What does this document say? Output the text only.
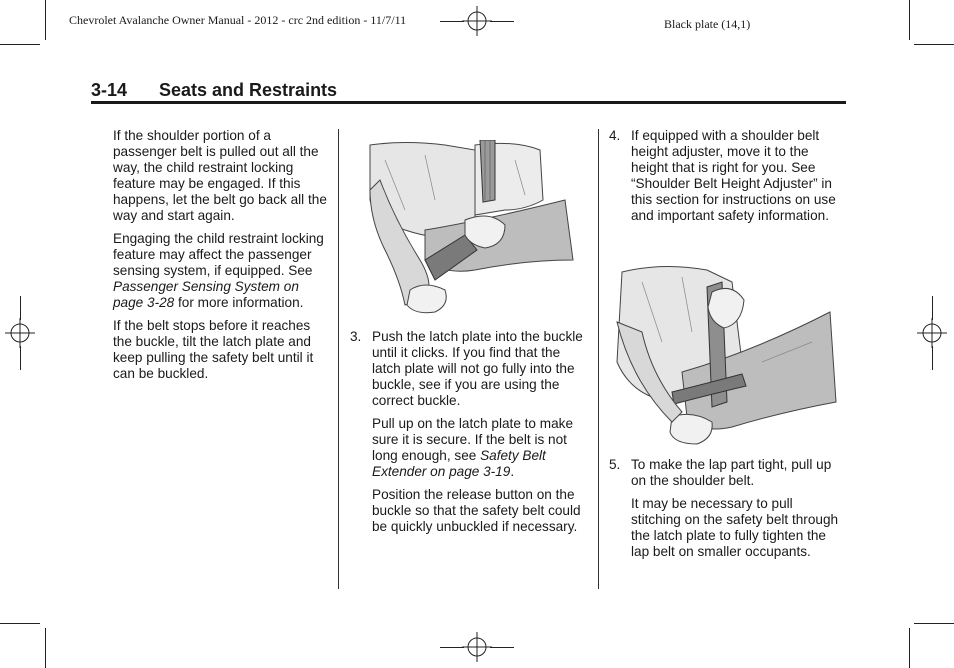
Chevrolet Avalanche Owner Manual - 2012 - crc 2nd edition - 11/7/11	Black plate (14,1)
3-14 Seats and Restraints

If the shoulder portion of a passenger belt is pulled out all the way, the child restraint locking feature may be engaged. If this happens, let the belt go back all the way and start again.

Engaging the child restraint locking feature may affect the passenger sensing system, if equipped. See Passenger Sensing System on page 3-28 for more information.

If the belt stops before it reaches the buckle, tilt the latch plate and keep pulling the safety belt until it can be buckled.

3. Push the latch plate into the buckle until it clicks. If you find that the latch plate will not go fully into the buckle, see if you are using the correct buckle.

Pull up on the latch plate to make sure it is secure. If the belt is not long enough, see Safety Belt Extender on page 3-19.

Position the release button on the buckle so that the safety belt could be quickly unbuckled if necessary.

4. If equipped with a shoulder belt height adjuster, move it to the height that is right for you. See “Shoulder Belt Height Adjuster” in this section for instructions on use and important safety information.
5. To make the lap part tight, pull up on the shoulder belt.

It may be necessary to pull stitching on the safety belt through the latch plate to fully tighten the lap belt on smaller occupants.
